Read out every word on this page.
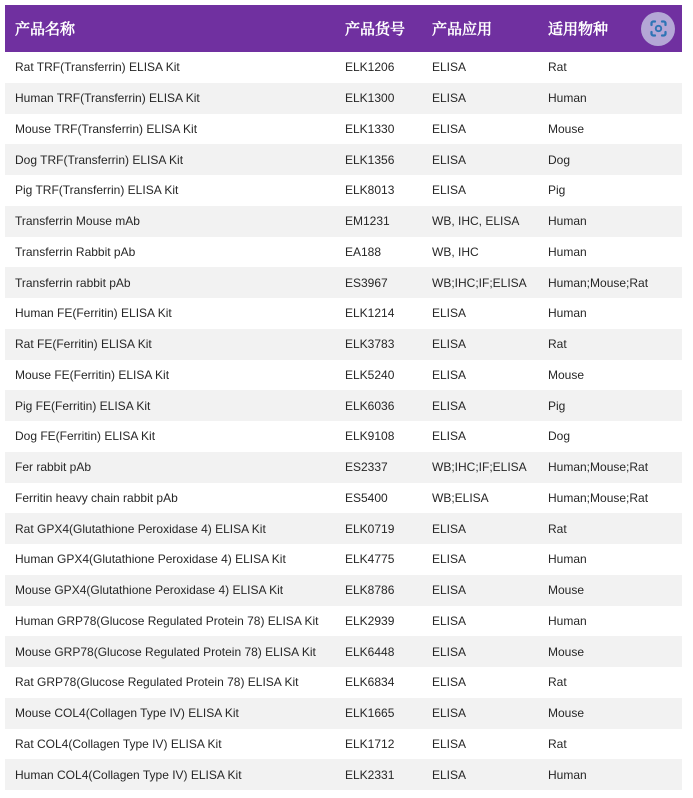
产品名称	产品货号	产品应用	适用物种
Rat TRF(Transferrin) ELISA Kit	ELK1206	ELISA	Rat
Human TRF(Transferrin) ELISA Kit	ELK1300	ELISA	Human
Mouse TRF(Transferrin) ELISA Kit	ELK1330	ELISA	Mouse
Dog TRF(Transferrin) ELISA Kit	ELK1356	ELISA	Dog
Pig TRF(Transferrin) ELISA Kit	ELK8013	ELISA	Pig
Transferrin Mouse mAb	EM1231	WB, IHC, ELISA	Human
Transferrin Rabbit pAb	EA188	WB, IHC	Human
Transferrin rabbit pAb	ES3967	WB;IHC;IF;ELISA	Human;Mouse;Rat
Human FE(Ferritin) ELISA Kit	ELK1214	ELISA	Human
Rat FE(Ferritin) ELISA Kit	ELK3783	ELISA	Rat
Mouse FE(Ferritin) ELISA Kit	ELK5240	ELISA	Mouse
Pig FE(Ferritin) ELISA Kit	ELK6036	ELISA	Pig
Dog FE(Ferritin) ELISA Kit	ELK9108	ELISA	Dog
Fer rabbit pAb	ES2337	WB;IHC;IF;ELISA	Human;Mouse;Rat
Ferritin heavy chain rabbit pAb	ES5400	WB;ELISA	Human;Mouse;Rat
Rat GPX4(Glutathione Peroxidase 4) ELISA Kit	ELK0719	ELISA	Rat
Human GPX4(Glutathione Peroxidase 4) ELISA Kit	ELK4775	ELISA	Human
Mouse GPX4(Glutathione Peroxidase 4) ELISA Kit	ELK8786	ELISA	Mouse
Human GRP78(Glucose Regulated Protein 78) ELISA Kit	ELK2939	ELISA	Human
Mouse GRP78(Glucose Regulated Protein 78) ELISA Kit	ELK6448	ELISA	Mouse
Rat GRP78(Glucose Regulated Protein 78) ELISA Kit	ELK6834	ELISA	Rat
Mouse COL4(Collagen Type IV) ELISA Kit	ELK1665	ELISA	Mouse
Rat COL4(Collagen Type IV) ELISA Kit	ELK1712	ELISA	Rat
Human COL4(Collagen Type IV) ELISA Kit	ELK2331	ELISA	Human
